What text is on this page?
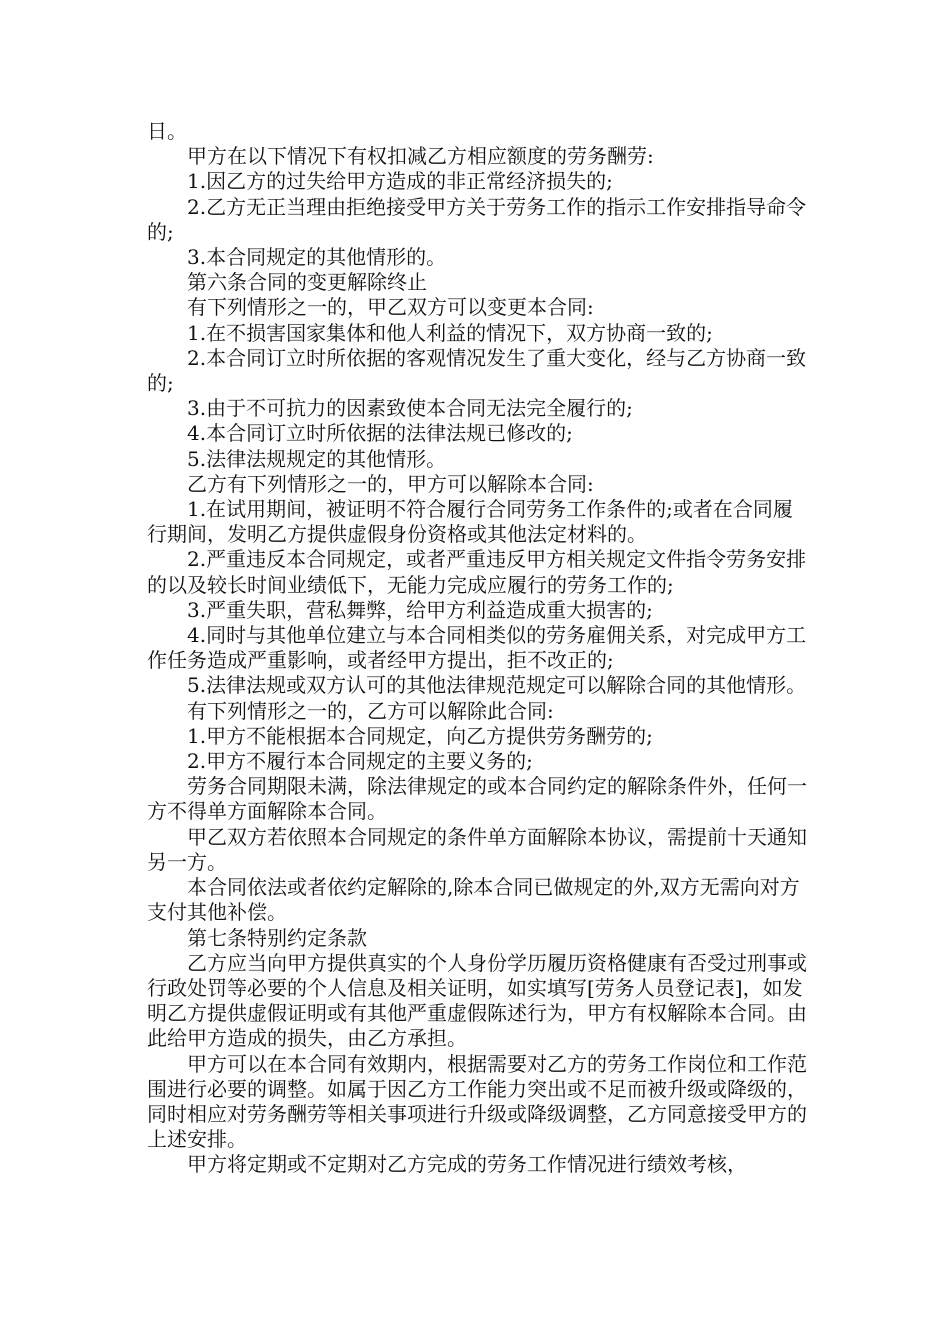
日。

甲方在以下情况下有权扣减乙方相应额度的劳务酬劳:

1.因乙方的过失给甲方造成的非正常经济损失的;

2.乙方无正当理由拒绝接受甲方关于劳务工作的指示工作安排指导命令的;

3.本合同规定的其他情形的。

第六条合同的变更解除终止

有下列情形之一的，甲乙双方可以变更本合同:

1.在不损害国家集体和他人利益的情况下，双方协商一致的;

2.本合同订立时所依据的客观情况发生了重大变化，经与乙方协商一致的;

3.由于不可抗力的因素致使本合同无法完全履行的;

4.本合同订立时所依据的法律法规已修改的;

5.法律法规规定的其他情形。

乙方有下列情形之一的，甲方可以解除本合同:

1.在试用期间，被证明不符合履行合同劳务工作条件的;或者在合同履行期间，发明乙方提供虚假身份资格或其他法定材料的。

2.严重违反本合同规定，或者严重违反甲方相关规定文件指令劳务安排的以及较长时间业绩低下，无能力完成应履行的劳务工作的;

3.严重失职，营私舞弊，给甲方利益造成重大损害的;

4.同时与其他单位建立与本合同相类似的劳务雇佣关系，对完成甲方工作任务造成严重影响，或者经甲方提出，拒不改正的;

5.法律法规或双方认可的其他法律规范规定可以解除合同的其他情形。

有下列情形之一的，乙方可以解除此合同:

1.甲方不能根据本合同规定，向乙方提供劳务酬劳的;

2.甲方不履行本合同规定的主要义务的;

劳务合同期限未满，除法律规定的或本合同约定的解除条件外，任何一方不得单方面解除本合同。

甲乙双方若依照本合同规定的条件单方面解除本协议，需提前十天通知另一方。

本合同依法或者依约定解除的,除本合同已做规定的外,双方无需向对方支付其他补偿。

第七条特别约定条款

乙方应当向甲方提供真实的个人身份学历履历资格健康有否受过刑事或行政处罚等必要的个人信息及相关证明，如实填写[劳务人员登记表]，如发明乙方提供虚假证明或有其他严重虚假陈述行为，甲方有权解除本合同。由此给甲方造成的损失，由乙方承担。

甲方可以在本合同有效期内，根据需要对乙方的劳务工作岗位和工作范围进行必要的调整。如属于因乙方工作能力突出或不足而被升级或降级的，同时相应对劳务酬劳等相关事项进行升级或降级调整，乙方同意接受甲方的上述安排。

甲方将定期或不定期对乙方完成的劳务工作情况进行绩效考核，
